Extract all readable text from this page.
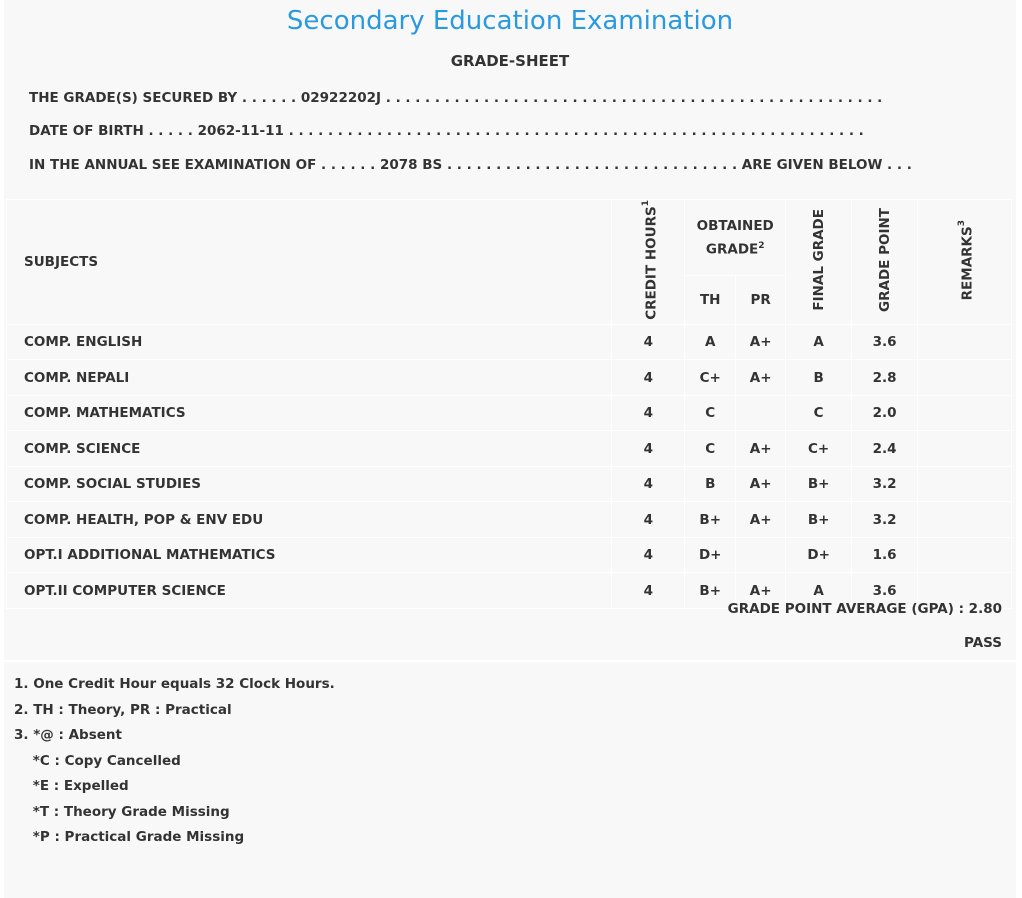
Secondary Education Examination
GRADE-SHEET
THE GRADE(S) SECURED BY . . . . . . 02922202J . . . . . . . . . . . . . . . . . . . . . . . . . . . . . . . . . . . . . . . . . . . . . . . . . . .
DATE OF BIRTH . . . . . 2062-11-11 . . . . . . . . . . . . . . . . . . . . . . . . . . . . . . . . . . . . . . . . . . . . . . . . . . . . . . . . . . .
IN THE ANNUAL SEE EXAMINATION OF . . . . . . 2078 BS . . . . . . . . . . . . . . . . . . . . . . . . . . . . . . ARE GIVEN BELOW . . .
SUBJECTS	CREDIT HOURS$^1$	OBTAINED GRADE$^2$		FINAL GRADE	GRADE POINT	REMARKS$^3$
		TH	PR			
COMP. ENGLISH	4	A	A+	A	3.6	
COMP. NEPALI	4	C+	A+	B	2.8	
COMP. MATHEMATICS	4	C		C	2.0	
COMP. SCIENCE	4	C	A+	C+	2.4	
COMP. SOCIAL STUDIES	4	B	A+	B+	3.2	
COMP. HEALTH, POP & ENV EDU	4	B+	A+	B+	3.2	
OPT.I ADDITIONAL MATHEMATICS	4	D+		D+	1.6	
OPT.II COMPUTER SCIENCE	4	B+	A+	A	3.6	
GRADE POINT AVERAGE (GPA) : 2.80
PASS
1. One Credit Hour equals 32 Clock Hours.
2. TH : Theory, PR : Practical
3. *@ : Absent
*C : Copy Cancelled
*E : Expelled
*T : Theory Grade Missing
*P : Practical Grade Missing
